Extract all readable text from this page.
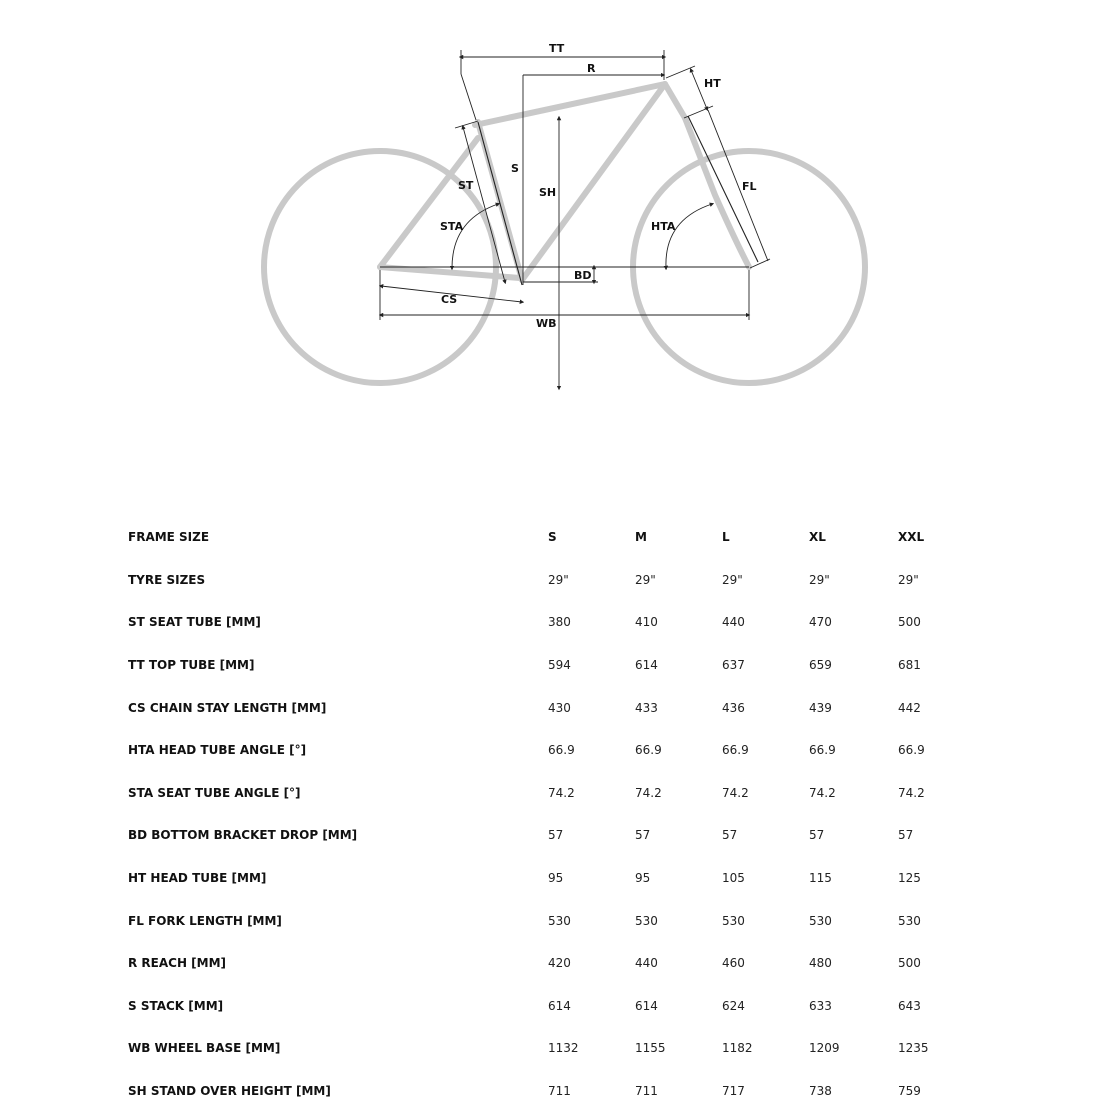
TT
R
HT
S
SH
ST
STA	HTA
FL
BD
CS
WB
FRAME SIZE	S	M	L	XL	XXL
TYRE SIZES	29"	29"	29"	29"	29"
ST SEAT TUBE [MM]	380	410	440	470	500
TT TOP TUBE [MM]	594	614	637	659	681
CS CHAIN STAY LENGTH [MM]	430	433	436	439	442
HTA HEAD TUBE ANGLE [°]	66.9	66.9	66.9	66.9	66.9
STA SEAT TUBE ANGLE [°]	74.2	74.2	74.2	74.2	74.2
BD BOTTOM BRACKET DROP [MM]	57	57	57	57	57
HT HEAD TUBE [MM]	95	95	105	115	125
FL FORK LENGTH [MM]	530	530	530	530	530
R REACH [MM]	420	440	460	480	500
S STACK [MM]	614	614	624	633	643
WB WHEEL BASE [MM]	1132	1155	1182	1209	1235
SH STAND OVER HEIGHT [MM]	711	711	717	738	759
